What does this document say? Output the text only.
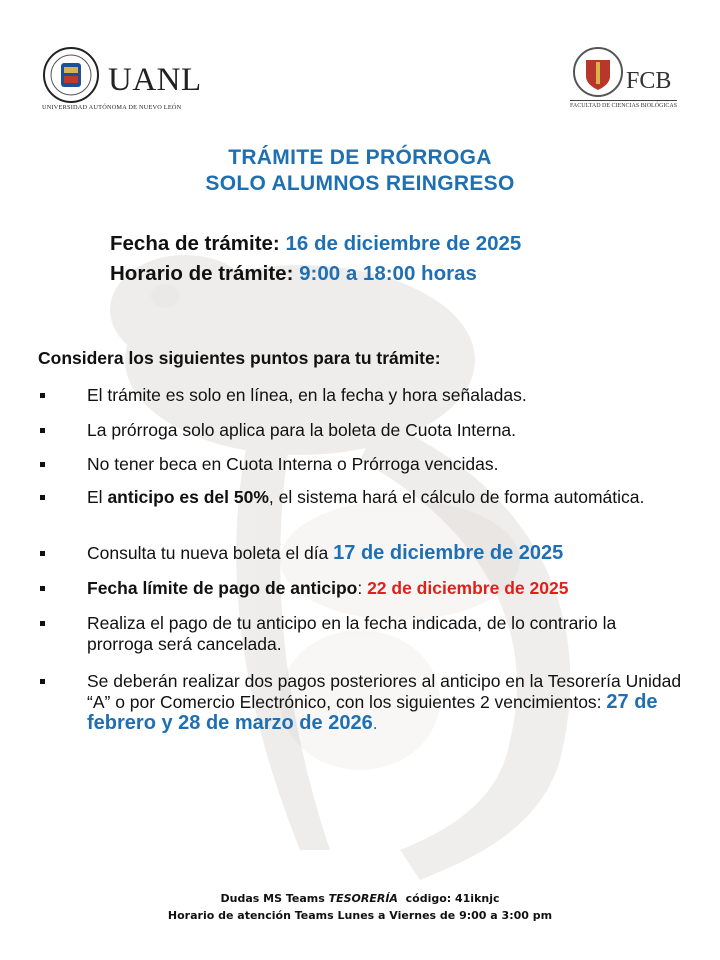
UANL
UNIVERSIDAD AUTÓNOMA DE NUEVO LEÓN
FCB
FACULTAD DE CIENCIAS BIOLÓGICAS
TRÁMITE DE PRÓRROGA
SOLO ALUMNOS REINGRESO
Fecha de trámite: 16 de diciembre de 2025
Horario de trámite: 9:00 a 18:00 horas
Considera los siguientes puntos para tu trámite:
El trámite es solo en línea, en la fecha y hora señaladas.
La prórroga solo aplica para la boleta de Cuota Interna.
No tener beca en Cuota Interna o Prórroga vencidas.
El anticipo es del 50%, el sistema hará el cálculo de forma automática.
Consulta tu nueva boleta el día 17 de diciembre de 2025
Fecha límite de pago de anticipo: 22 de diciembre de 2025
Realiza el pago de tu anticipo en la fecha indicada, de lo contrario la prorroga será cancelada.
Se deberán realizar dos pagos posteriores al anticipo en la Tesorería Unidad “A” o por Comercio Electrónico, con los siguientes 2 vencimientos: 27 de febrero y 28 de marzo de 2026.
Dudas MS Teams TESORERÍA  código: 41iknjc
Horario de atención Teams Lunes a Viernes de 9:00 a 3:00 pm
